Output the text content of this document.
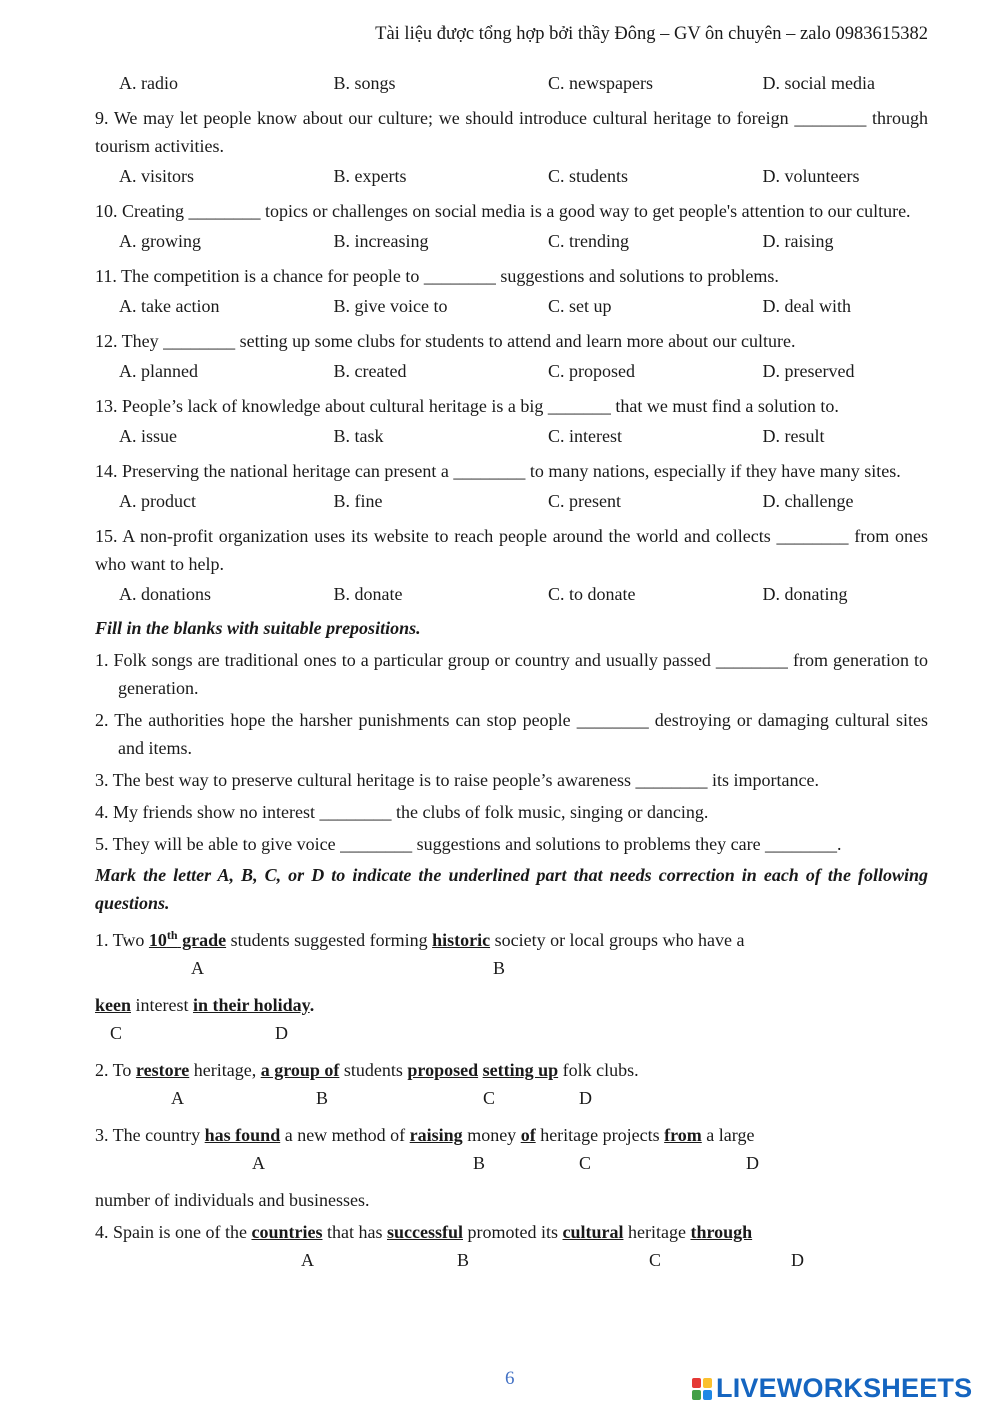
Tài liệu được tổng hợp bởi thầy Đông – GV ôn chuyên – zalo 0983615382
A. radio	B. songs	C. newspapers	D. social media
9. We may let people know about our culture; we should introduce cultural heritage to foreign ________ through tourism activities.
A. visitors	B. experts	C. students	D. volunteers
10. Creating ________ topics or challenges on social media is a good way to get people's attention to our culture.
A. growing	B. increasing	C. trending	D. raising
11. The competition is a chance for people to ________ suggestions and solutions to problems.
A. take action	B. give voice to	C. set up	D. deal with
12. They ________ setting up some clubs for students to attend and learn more about our culture.
A. planned	B. created	C. proposed	D. preserved
13. People’s lack of knowledge about cultural heritage is a big _______ that we must find a solution to.
A. issue	B. task	C. interest	D. result
14. Preserving the national heritage can present a ________ to many nations, especially if they have many sites.
A. product	B. fine	C. present	D. challenge
15. A non-profit organization uses its website to reach people around the world and collects ________ from ones who want to help.
A. donations	B. donate	C. to donate	D. donating
Fill in the blanks with suitable prepositions.
1. Folk songs are traditional ones to a particular group or country and usually passed ________ from generation to generation.
2. The authorities hope the harsher punishments can stop people ________ destroying or damaging cultural sites and items.
3. The best way to preserve cultural heritage is to raise people’s awareness ________ its importance.
4. My friends show no interest ________ the clubs of folk music, singing or dancing.
5. They will be able to give voice ________ suggestions and solutions to problems they care ________.
Mark the letter A, B, C, or D to indicate the underlined part that needs correction in each of the following questions.
1. Two 10th grade students suggested forming historic society or local groups who have a
A	B
keen interest in their holiday.
C	D
2. To restore heritage, a group of students proposed setting up folk clubs.
A	B	C	D
3. The country has found a new method of raising money of heritage projects from a large
A	B	C	D
number of individuals and businesses.
4. Spain is one of the countries that has successful promoted its cultural heritage through
A	B	C	D
6	LIVEWORKSHEETS
